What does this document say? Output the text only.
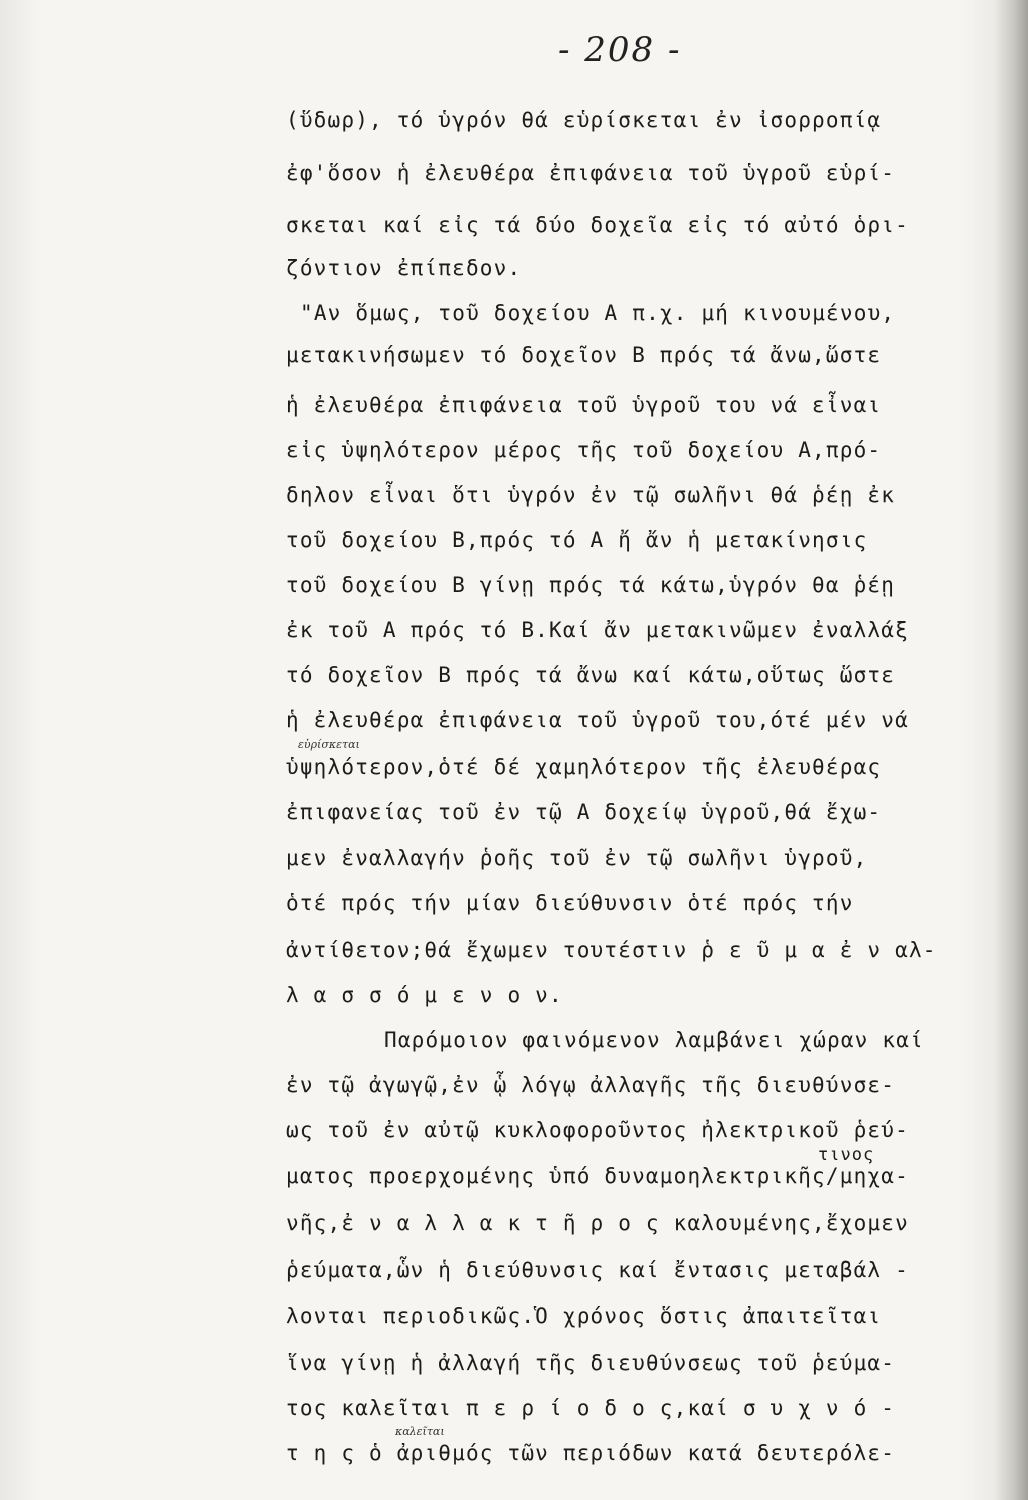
- 208 -
(ὕδωρ), τό ὑγρόν θά εὑρίσκεται ἐν ἰσορροπίᾳ
ἐφ'ὅσον ἡ ἐλευθέρα ἐπιφάνεια τοῦ ὑγροῦ εὑρί-
σκεται καί εἰς τά δύο δοχεῖα εἰς τό αὐτό ὁρι-
ζόντιον ἐπίπεδον.
"Αν ὅμως, τοῦ δοχείου Α π.χ. μή κινουμένου,
μετακινήσωμεν τό δοχεῖον Β πρός τά ἄνω,ὥστε
ἡ ἐλευθέρα ἐπιφάνεια τοῦ ὑγροῦ του νά εἶναι
εἰς ὑψηλότερον μέρος τῆς τοῦ δοχείου Α,πρό-
δηλον εἶναι ὅτι ὑγρόν ἐν τῷ σωλῆνι θά ῥέῃ ἐκ
τοῦ δοχείου Β,πρός τό Α ἤ ἄν ἡ μετακίνησις
τοῦ δοχείου Β γίνῃ πρός τά κάτω,ὑγρόν θα ῥέῃ
ἐκ τοῦ Α πρός τό Β.Καί ἄν μετακινῶμεν ἐναλλάξ
τό δοχεῖον Β πρός τά ἄνω καί κάτω,οὕτως ὥστε
ἡ ἐλευθέρα ἐπιφάνεια τοῦ ὑγροῦ του,ότέ μέν νά
εὑρίσκεται
ὑψηλότερον,ὁτέ δέ χαμηλότερον τῆς ἐλευθέρας
ἐπιφανείας τοῦ ἐν τῷ Α δοχείῳ ὑγροῦ,θά ἔχω-
μεν ἐναλλαγήν ῥοῆς τοῦ ἐν τῷ σωλῆνι ὑγροῦ,
ὁτέ πρός τήν μίαν διεύθυνσιν ὁτέ πρός τήν
ἀντίθετον;θά ἔχωμεν τουτέστιν ῥ ε ῦ μ α ἐ ν αλ-
λ α σ σ ό μ ε ν ο ν.
Παρόμοιον φαινόμενον λαμβάνει χώραν καί
ἐν τῷ ἀγωγῷ,ἐν ᾧ λόγῳ ἀλλαγῆς τῆς διευθύνσε-
ως τοῦ ἐν αὐτῷ κυκλοφοροῦντος ἠλεκτρικοῦ ῥεύ-
τινος
ματος προερχομένης ὑπό δυναμοηλεκτρικῆς/μηχα-
νῆς,ἐ ν α λ λ α κ τ ῆ ρ ο ς καλουμένης,ἔχομεν
ῥεύματα,ὧν ἡ διεύθυνσις καί ἔντασις μεταβάλ -
λονται περιοδικῶς.Ὁ χρόνος ὅστις ἀπαιτεῖται
ἵνα γίνῃ ἡ ἀλλαγή τῆς διευθύνσεως τοῦ ῥεύμα-
τος καλεῖται π ε ρ ί ο δ ο ς,καί σ υ χ ν ό -
καλεῖται
τ η ς ὁ ἀριθμός τῶν περιόδων κατά δευτερόλε-
